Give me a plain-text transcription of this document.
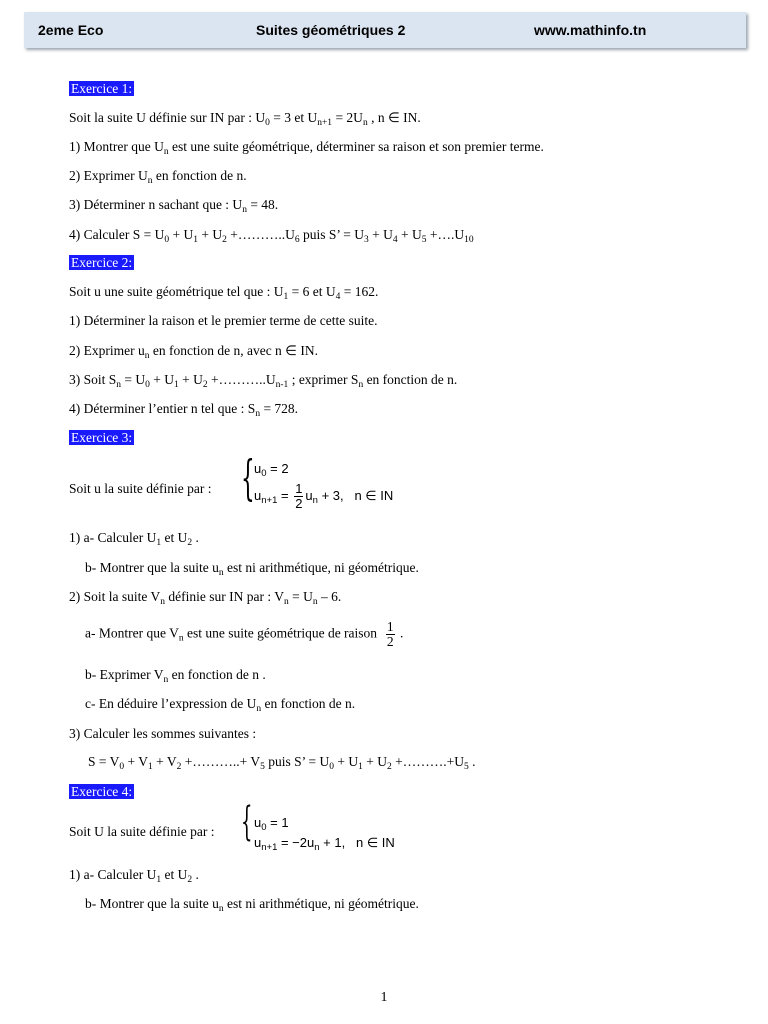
2eme Eco	Suites géométriques 2	www.mathinfo.tn
Exercice 1:
Soit la suite U définie sur IN par : $U_0 = 3$ et $U_{n+1} = 2U_n$ , n ∈ IN.
1) Montrer que $U_n$ est une suite géométrique, déterminer sa raison et son premier terme.
2) Exprimer $U_n$ en fonction de n.
3) Déterminer n sachant que : $U_n = 48$.
4) Calculer $S = U_0 + U_1 + U_2$ $+\dots\dots\dots..U_6$ puis S’ = $U_3 + U_4 + U_5$ $+\dots.U_{10}$
Exercice 2:
Soit u une suite géométrique tel que : $U_1 = 6$ et $U_4 = 162$.
1) Déterminer la raison et le premier terme de cette suite.
2) Exprimer $u_n$ en fonction de n, avec n ∈ IN.
3) Soit $S_n = U_0 + U_1 + U_2$ $+\dots\dots\dots..U_{n-1}$ ; exprimer $S_n$ en fonction de n.
4) Déterminer l’entier n tel que : $S_n = 728$.
Exercice 3:
Soit u la suite définie par : { $u_0 = 2$
$u_{n+1} = \frac{1}{2} u_n + 3$,   n ∈ IN
1) a- Calculer $U_1$ et $U_2$ .
b- Montrer que la suite $u_n$ est ni arithmétique, ni géométrique.
2) Soit la suite $V_n$ définie sur IN par : $V_n = U_n - 6$.
a- Montrer que $V_n$ est une suite géométrique de raison $\frac{1}{2}$ .
b- Exprimer $V_n$ en fonction de n .
c- En déduire l’expression de $U_n$ en fonction de n.
3) Calculer les sommes suivantes :
$S = V_0 + V_1 + V_2$ +………..+ $V_5$ puis S’ = $U_0 + U_1 + U_2$ $+\dots\dots\dots.+U_5$ .
Exercice 4:
Soit U la suite définie par : { $u_0 = 1$
$u_{n+1} = -2u_n + 1$,   n ∈ IN
1) a- Calculer $U_1$ et $U_2$ .
b- Montrer que la suite $u_n$ est ni arithmétique, ni géométrique.
1
